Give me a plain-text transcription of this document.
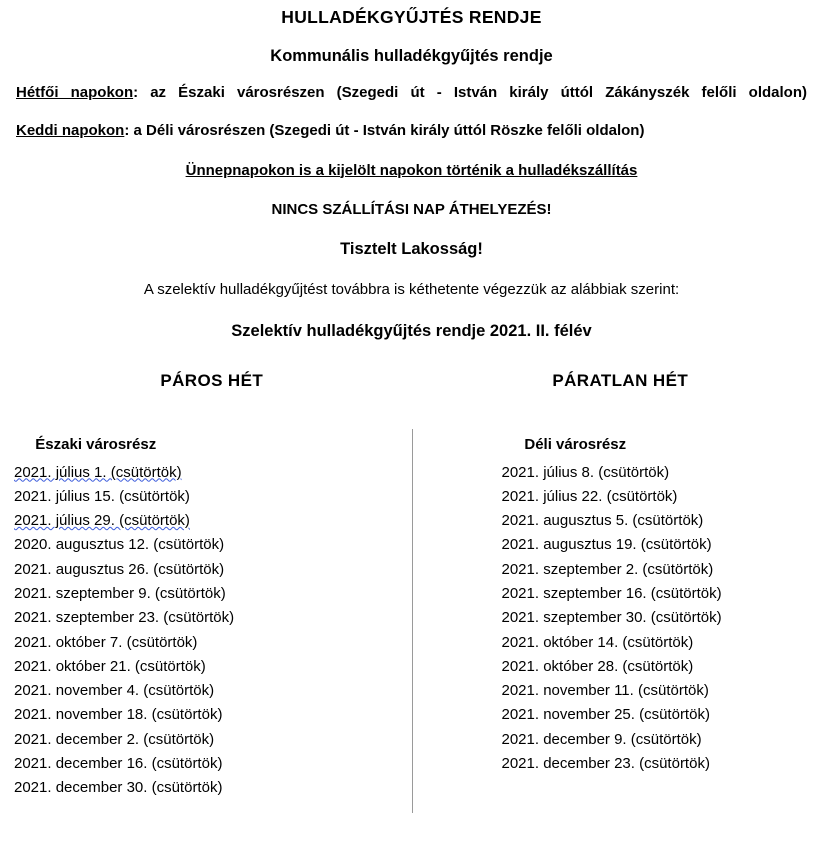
HULLADÉKGYŰJTÉS RENDJE
Kommunális hulladékgyűjtés rendje
Hétfői napokon: az Északi városrészen (Szegedi út - István király úttól Zákányszék felőli oldalon)
Keddi napokon: a Déli városrészen (Szegedi út - István király úttól Röszke felőli oldalon)
Ünnepnapokon is a kijelölt napokon történik a hulladékszállítás
NINCS SZÁLLÍTÁSI NAP ÁTHELYEZÉS!
Tisztelt Lakosság!
A szelektív hulladékgyűjtést továbbra is kéthetente végezzük az alábbiak szerint:
Szelektív hulladékgyűjtés rendje 2021. II. félév
PÁROS HÉT
Északi városrész
2021. július 1. (csütörtök)
2021. július 15. (csütörtök)
2021. július 29. (csütörtök)
2020. augusztus 12. (csütörtök)
2021. augusztus 26. (csütörtök)
2021. szeptember 9. (csütörtök)
2021. szeptember 23. (csütörtök)
2021. október 7. (csütörtök)
2021. október 21. (csütörtök)
2021. november 4. (csütörtök)
2021. november 18. (csütörtök)
2021. december 2. (csütörtök)
2021. december 16. (csütörtök)
2021. december 30. (csütörtök)
PÁRATLAN HÉT
Déli városrész
2021. július 8. (csütörtök)
2021. július 22. (csütörtök)
2021. augusztus 5. (csütörtök)
2021. augusztus 19. (csütörtök)
2021. szeptember 2. (csütörtök)
2021. szeptember 16. (csütörtök)
2021. szeptember 30. (csütörtök)
2021. október 14. (csütörtök)
2021. október 28. (csütörtök)
2021. november 11. (csütörtök)
2021. november 25. (csütörtök)
2021. december 9. (csütörtök)
2021. december 23. (csütörtök)
